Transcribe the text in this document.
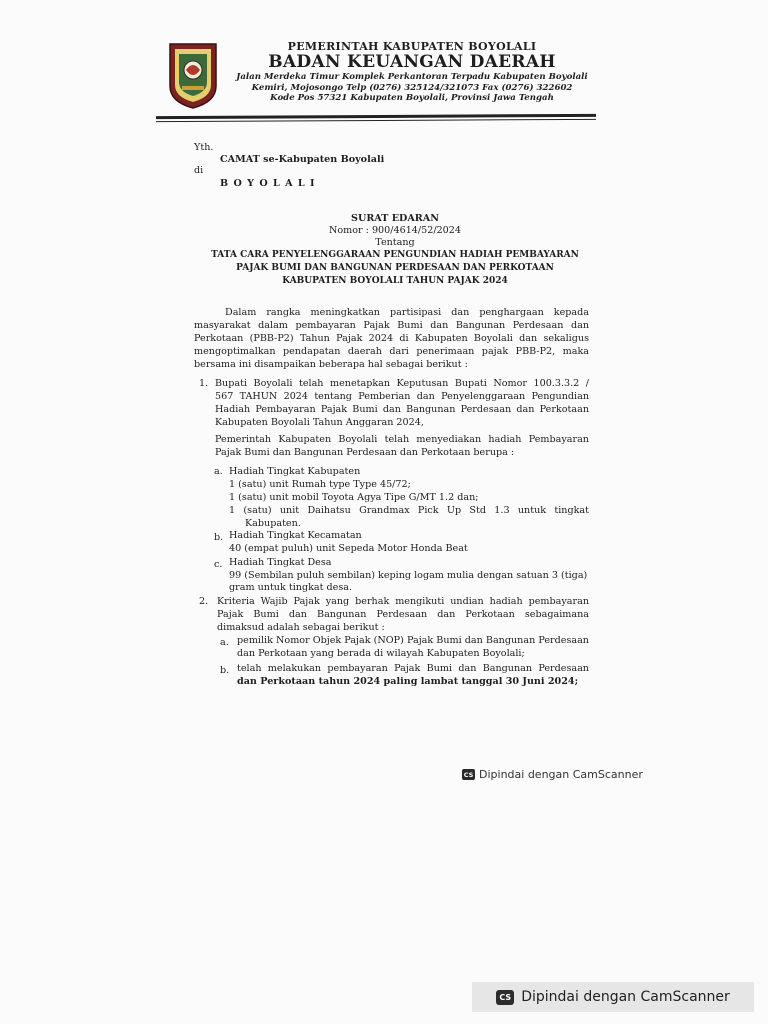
PEMERINTAH KABUPATEN BOYOLALI
BADAN KEUANGAN DAERAH
Jalan Merdeka Timur Komplek Perkantoran Terpadu Kabupaten Boyolali
Kemiri, Mojosongo Telp (0276) 325124/321073 Fax (0276) 322602
Kode Pos 57321 Kabupaten Boyolali, Provinsi Jawa Tengah
Yth.
CAMAT se-Kabupaten Boyolali
di
B O Y O L A L I
SURAT EDARAN
Nomor : 900/4614/52/2024
Tentang
TATA CARA PENYELENGGARAAN PENGUNDIAN HADIAH PEMBAYARAN
PAJAK BUMI DAN BANGUNAN PERDESAAN DAN PERKOTAAN
KABUPATEN BOYOLALI TAHUN PAJAK 2024
Dalam rangka meningkatkan partisipasi dan penghargaan kepada
masyarakat dalam pembayaran Pajak Bumi dan Bangunan Perdesaan dan
Perkotaan (PBB-P2) Tahun Pajak 2024 di Kabupaten Boyolali dan sekaligus
mengoptimalkan pendapatan daerah dari penerimaan pajak PBB-P2, maka
bersama ini disampaikan beberapa hal sebagai berikut :
1. Bupati Boyolali telah menetapkan Keputusan Bupati Nomor 100.3.3.2 /
567 TAHUN 2024 tentang Pemberian dan Penyelenggaraan Pengundian
Hadiah Pembayaran Pajak Bumi dan Bangunan Perdesaan dan Perkotaan
Kabupaten Boyolali Tahun Anggaran 2024,
Pemerintah Kabupaten Boyolali telah menyediakan hadiah Pembayaran
Pajak Bumi dan Bangunan Perdesaan dan Perkotaan berupa :
a. Hadiah Tingkat Kabupaten
1 (satu) unit Rumah type Type 45/72;
1 (satu) unit mobil Toyota Agya Tipe G/MT 1.2 dan;
1 (satu) unit Daihatsu Grandmax Pick Up Std 1.3 untuk tingkat
Kabupaten.
b. Hadiah Tingkat Kecamatan
40 (empat puluh) unit Sepeda Motor Honda Beat
c. Hadiah Tingkat Desa
99 (Sembilan puluh sembilan) keping logam mulia dengan satuan 3 (tiga)
gram untuk tingkat desa.
2. Kriteria Wajib Pajak yang berhak mengikuti undian hadiah pembayaran
Pajak Bumi dan Bangunan Perdesaan dan Perkotaan sebagaimana
dimaksud adalah sebagai berikut :
a. pemilik Nomor Objek Pajak (NOP) Pajak Bumi dan Bangunan Perdesaan
dan Perkotaan yang berada di wilayah Kabupaten Boyolali;
b. telah melakukan pembayaran Pajak Bumi dan Bangunan Perdesaan
dan Perkotaan tahun 2024 paling lambat tanggal 30 Juni 2024;
CS Dipindai dengan CamScanner
CS Dipindai dengan CamScanner
